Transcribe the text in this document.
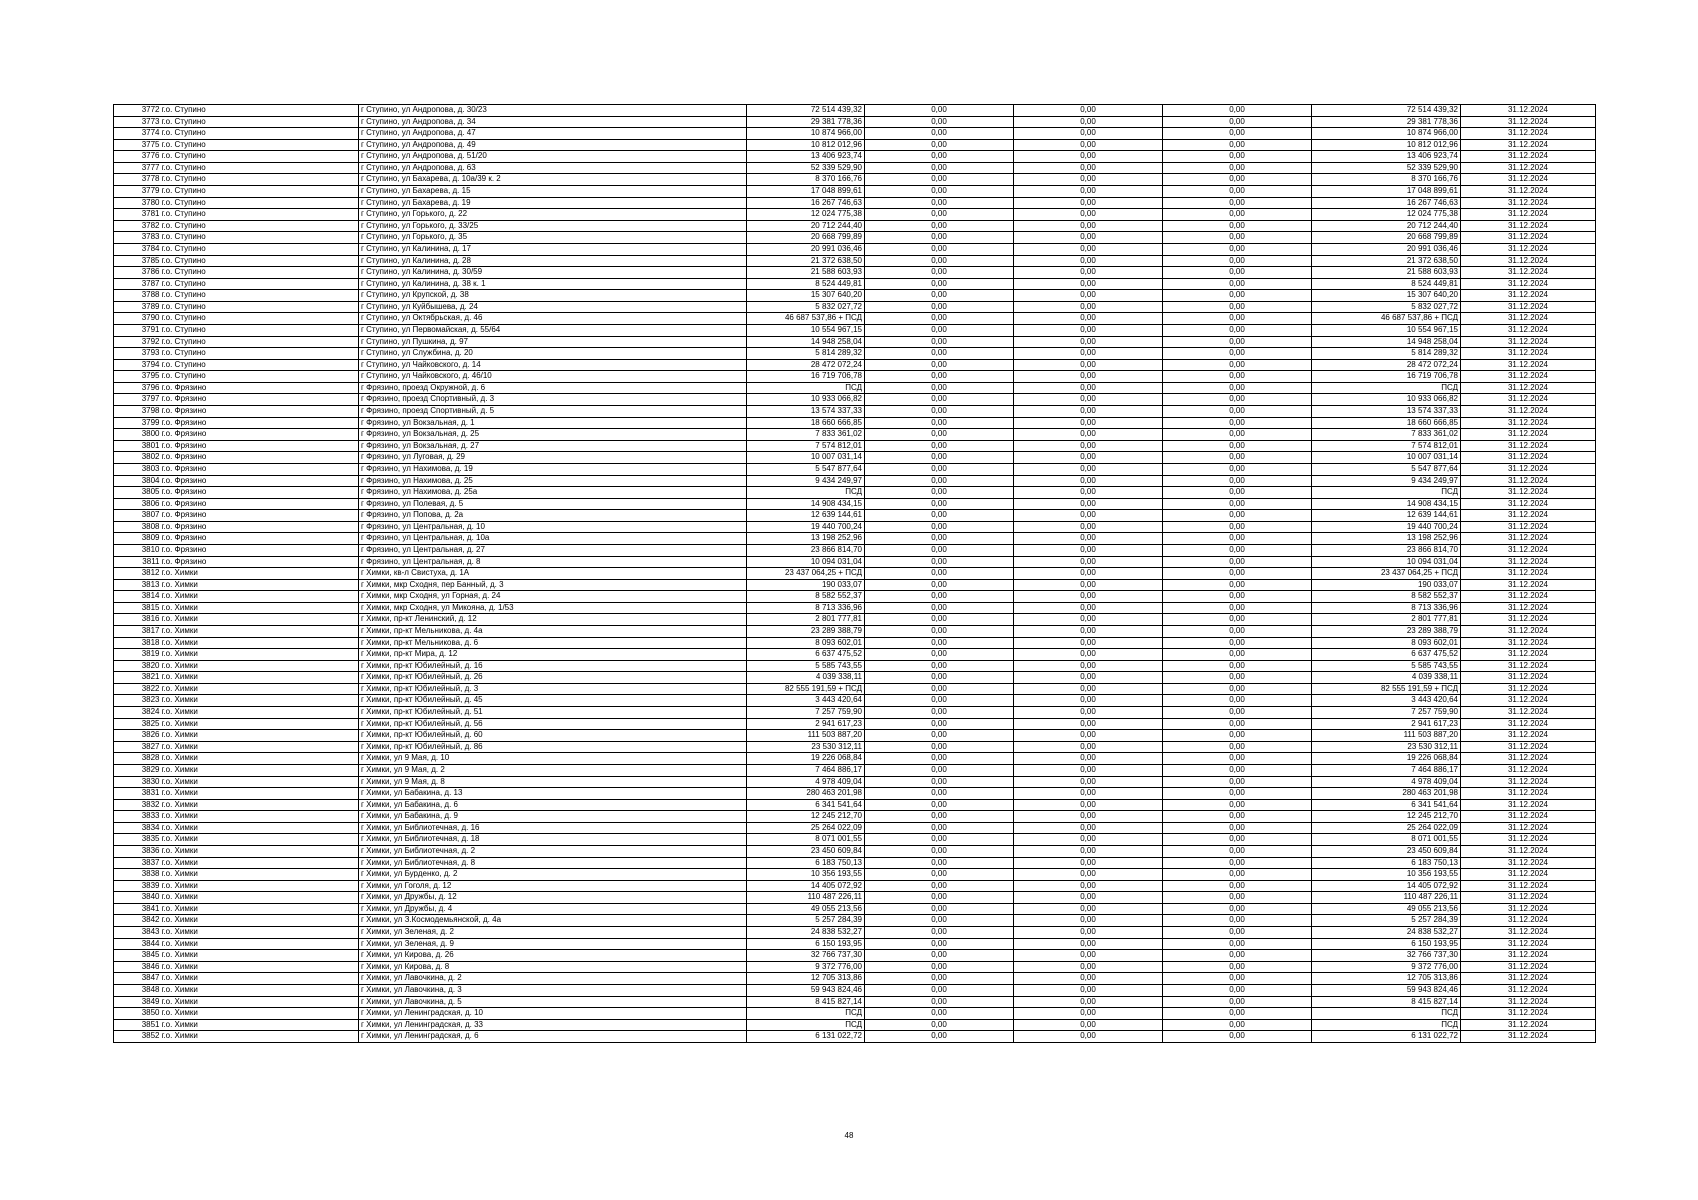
3772	г.о. Ступино	г Ступино, ул Андропова, д. 30/23	72 514 439,32	0,00	0,00	0,00	72 514 439,32	31.12.2024
3773	г.о. Ступино	г Ступино, ул Андропова, д. 34	29 381 778,36	0,00	0,00	0,00	29 381 778,36	31.12.2024
3774	г.о. Ступино	г Ступино, ул Андропова, д. 47	10 874 966,00	0,00	0,00	0,00	10 874 966,00	31.12.2024
3775	г.о. Ступино	г Ступино, ул Андропова, д. 49	10 812 012,96	0,00	0,00	0,00	10 812 012,96	31.12.2024
3776	г.о. Ступино	г Ступино, ул Андропова, д. 51/20	13 406 923,74	0,00	0,00	0,00	13 406 923,74	31.12.2024
3777	г.о. Ступино	г Ступино, ул Андропова, д. 63	52 339 529,90	0,00	0,00	0,00	52 339 529,90	31.12.2024
3778	г.о. Ступино	г Ступино, ул Бахарева, д. 10а/39 к. 2	8 370 166,76	0,00	0,00	0,00	8 370 166,76	31.12.2024
3779	г.о. Ступино	г Ступино, ул Бахарева, д. 15	17 048 899,61	0,00	0,00	0,00	17 048 899,61	31.12.2024
3780	г.о. Ступино	г Ступино, ул Бахарева, д. 19	16 267 746,63	0,00	0,00	0,00	16 267 746,63	31.12.2024
3781	г.о. Ступино	г Ступино, ул Горького, д. 22	12 024 775,38	0,00	0,00	0,00	12 024 775,38	31.12.2024
3782	г.о. Ступино	г Ступино, ул Горького, д. 33/25	20 712 244,40	0,00	0,00	0,00	20 712 244,40	31.12.2024
3783	г.о. Ступино	г Ступино, ул Горького, д. 35	20 668 799,89	0,00	0,00	0,00	20 668 799,89	31.12.2024
3784	г.о. Ступино	г Ступино, ул Калинина, д. 17	20 991 036,46	0,00	0,00	0,00	20 991 036,46	31.12.2024
3785	г.о. Ступино	г Ступино, ул Калинина, д. 28	21 372 638,50	0,00	0,00	0,00	21 372 638,50	31.12.2024
3786	г.о. Ступино	г Ступино, ул Калинина, д. 30/59	21 588 603,93	0,00	0,00	0,00	21 588 603,93	31.12.2024
3787	г.о. Ступино	г Ступино, ул Калинина, д. 38 к. 1	8 524 449,81	0,00	0,00	0,00	8 524 449,81	31.12.2024
3788	г.о. Ступино	г Ступино, ул Крупской, д. 38	15 307 640,20	0,00	0,00	0,00	15 307 640,20	31.12.2024
3789	г.о. Ступино	г Ступино, ул Куйбышева, д. 24	5 832 027,72	0,00	0,00	0,00	5 832 027,72	31.12.2024
3790	г.о. Ступино	г Ступино, ул Октябрьская, д. 46	46 687 537,86 + ПСД	0,00	0,00	0,00	46 687 537,86 + ПСД	31.12.2024
3791	г.о. Ступино	г Ступино, ул Первомайская, д. 55/64	10 554 967,15	0,00	0,00	0,00	10 554 967,15	31.12.2024
3792	г.о. Ступино	г Ступино, ул Пушкина, д. 97	14 948 258,04	0,00	0,00	0,00	14 948 258,04	31.12.2024
3793	г.о. Ступино	г Ступино, ул Службина, д. 20	5 814 289,32	0,00	0,00	0,00	5 814 289,32	31.12.2024
3794	г.о. Ступино	г Ступино, ул Чайковского, д. 14	28 472 072,24	0,00	0,00	0,00	28 472 072,24	31.12.2024
3795	г.о. Ступино	г Ступино, ул Чайковского, д. 46/10	16 719 706,78	0,00	0,00	0,00	16 719 706,78	31.12.2024
3796	г.о. Фрязино	г Фрязино, проезд Окружной, д. 6	ПСД	0,00	0,00	0,00	ПСД	31.12.2024
3797	г.о. Фрязино	г Фрязино, проезд Спортивный, д. 3	10 933 066,82	0,00	0,00	0,00	10 933 066,82	31.12.2024
3798	г.о. Фрязино	г Фрязино, проезд Спортивный, д. 5	13 574 337,33	0,00	0,00	0,00	13 574 337,33	31.12.2024
3799	г.о. Фрязино	г Фрязино, ул Вокзальная, д. 1	18 660 666,85	0,00	0,00	0,00	18 660 666,85	31.12.2024
3800	г.о. Фрязино	г Фрязино, ул Вокзальная, д. 25	7 833 361,02	0,00	0,00	0,00	7 833 361,02	31.12.2024
3801	г.о. Фрязино	г Фрязино, ул Вокзальная, д. 27	7 574 812,01	0,00	0,00	0,00	7 574 812,01	31.12.2024
3802	г.о. Фрязино	г Фрязино, ул Луговая, д. 29	10 007 031,14	0,00	0,00	0,00	10 007 031,14	31.12.2024
3803	г.о. Фрязино	г Фрязино, ул Нахимова, д. 19	5 547 877,64	0,00	0,00	0,00	5 547 877,64	31.12.2024
3804	г.о. Фрязино	г Фрязино, ул Нахимова, д. 25	9 434 249,97	0,00	0,00	0,00	9 434 249,97	31.12.2024
3805	г.о. Фрязино	г Фрязино, ул Нахимова, д. 25а	ПСД	0,00	0,00	0,00	ПСД	31.12.2024
3806	г.о. Фрязино	г Фрязино, ул Полевая, д. 5	14 908 434,15	0,00	0,00	0,00	14 908 434,15	31.12.2024
3807	г.о. Фрязино	г Фрязино, ул Попова, д. 2а	12 639 144,61	0,00	0,00	0,00	12 639 144,61	31.12.2024
3808	г.о. Фрязино	г Фрязино, ул Центральная, д. 10	19 440 700,24	0,00	0,00	0,00	19 440 700,24	31.12.2024
3809	г.о. Фрязино	г Фрязино, ул Центральная, д. 10а	13 198 252,96	0,00	0,00	0,00	13 198 252,96	31.12.2024
3810	г.о. Фрязино	г Фрязино, ул Центральная, д. 27	23 866 814,70	0,00	0,00	0,00	23 866 814,70	31.12.2024
3811	г.о. Фрязино	г Фрязино, ул Центральная, д. 8	10 094 031,04	0,00	0,00	0,00	10 094 031,04	31.12.2024
3812	г.о. Химки	г Химки, кв-л Свистуха, д. 1А	23 437 064,25 + ПСД	0,00	0,00	0,00	23 437 064,25 + ПСД	31.12.2024
3813	г.о. Химки	г Химки, мкр Сходня, пер Банный, д. 3	190 033,07	0,00	0,00	0,00	190 033,07	31.12.2024
3814	г.о. Химки	г Химки, мкр Сходня, ул Горная, д. 24	8 582 552,37	0,00	0,00	0,00	8 582 552,37	31.12.2024
3815	г.о. Химки	г Химки, мкр Сходня, ул Микояна, д. 1/53	8 713 336,96	0,00	0,00	0,00	8 713 336,96	31.12.2024
3816	г.о. Химки	г Химки, пр-кт Ленинский, д. 12	2 801 777,81	0,00	0,00	0,00	2 801 777,81	31.12.2024
3817	г.о. Химки	г Химки, пр-кт Мельникова, д. 4а	23 289 388,79	0,00	0,00	0,00	23 289 388,79	31.12.2024
3818	г.о. Химки	г Химки, пр-кт Мельникова, д. 6	8 093 602,01	0,00	0,00	0,00	8 093 602,01	31.12.2024
3819	г.о. Химки	г Химки, пр-кт Мира, д. 12	6 637 475,52	0,00	0,00	0,00	6 637 475,52	31.12.2024
3820	г.о. Химки	г Химки, пр-кт Юбилейный, д. 16	5 585 743,55	0,00	0,00	0,00	5 585 743,55	31.12.2024
3821	г.о. Химки	г Химки, пр-кт Юбилейный, д. 26	4 039 338,11	0,00	0,00	0,00	4 039 338,11	31.12.2024
3822	г.о. Химки	г Химки, пр-кт Юбилейный, д. 3	82 555 191,59 + ПСД	0,00	0,00	0,00	82 555 191,59 + ПСД	31.12.2024
3823	г.о. Химки	г Химки, пр-кт Юбилейный, д. 45	3 443 420,64	0,00	0,00	0,00	3 443 420,64	31.12.2024
3824	г.о. Химки	г Химки, пр-кт Юбилейный, д. 51	7 257 759,90	0,00	0,00	0,00	7 257 759,90	31.12.2024
3825	г.о. Химки	г Химки, пр-кт Юбилейный, д. 56	2 941 617,23	0,00	0,00	0,00	2 941 617,23	31.12.2024
3826	г.о. Химки	г Химки, пр-кт Юбилейный, д. 60	111 503 887,20	0,00	0,00	0,00	111 503 887,20	31.12.2024
3827	г.о. Химки	г Химки, пр-кт Юбилейный, д. 86	23 530 312,11	0,00	0,00	0,00	23 530 312,11	31.12.2024
3828	г.о. Химки	г Химки, ул 9 Мая, д. 10	19 226 068,84	0,00	0,00	0,00	19 226 068,84	31.12.2024
3829	г.о. Химки	г Химки, ул 9 Мая, д. 2	7 464 886,17	0,00	0,00	0,00	7 464 886,17	31.12.2024
3830	г.о. Химки	г Химки, ул 9 Мая, д. 8	4 978 409,04	0,00	0,00	0,00	4 978 409,04	31.12.2024
3831	г.о. Химки	г Химки, ул Бабакина, д. 13	280 463 201,98	0,00	0,00	0,00	280 463 201,98	31.12.2024
3832	г.о. Химки	г Химки, ул Бабакина, д. 6	6 341 541,64	0,00	0,00	0,00	6 341 541,64	31.12.2024
3833	г.о. Химки	г Химки, ул Бабакина, д. 9	12 245 212,70	0,00	0,00	0,00	12 245 212,70	31.12.2024
3834	г.о. Химки	г Химки, ул Библиотечная, д. 16	25 264 022,09	0,00	0,00	0,00	25 264 022,09	31.12.2024
3835	г.о. Химки	г Химки, ул Библиотечная, д. 18	8 071 001,55	0,00	0,00	0,00	8 071 001,55	31.12.2024
3836	г.о. Химки	г Химки, ул Библиотечная, д. 2	23 450 609,84	0,00	0,00	0,00	23 450 609,84	31.12.2024
3837	г.о. Химки	г Химки, ул Библиотечная, д. 8	6 183 750,13	0,00	0,00	0,00	6 183 750,13	31.12.2024
3838	г.о. Химки	г Химки, ул Бурденко, д. 2	10 356 193,55	0,00	0,00	0,00	10 356 193,55	31.12.2024
3839	г.о. Химки	г Химки, ул Гоголя, д. 12	14 405 072,92	0,00	0,00	0,00	14 405 072,92	31.12.2024
3840	г.о. Химки	г Химки, ул Дружбы, д. 12	110 487 226,11	0,00	0,00	0,00	110 487 226,11	31.12.2024
3841	г.о. Химки	г Химки, ул Дружбы, д. 4	49 055 213,56	0,00	0,00	0,00	49 055 213,56	31.12.2024
3842	г.о. Химки	г Химки, ул З.Космодемьянской, д. 4а	5 257 284,39	0,00	0,00	0,00	5 257 284,39	31.12.2024
3843	г.о. Химки	г Химки, ул Зеленая, д. 2	24 838 532,27	0,00	0,00	0,00	24 838 532,27	31.12.2024
3844	г.о. Химки	г Химки, ул Зеленая, д. 9	6 150 193,95	0,00	0,00	0,00	6 150 193,95	31.12.2024
3845	г.о. Химки	г Химки, ул Кирова, д. 26	32 766 737,30	0,00	0,00	0,00	32 766 737,30	31.12.2024
3846	г.о. Химки	г Химки, ул Кирова, д. 8	9 372 776,00	0,00	0,00	0,00	9 372 776,00	31.12.2024
3847	г.о. Химки	г Химки, ул Лавочкина, д. 2	12 705 313,86	0,00	0,00	0,00	12 705 313,86	31.12.2024
3848	г.о. Химки	г Химки, ул Лавочкина, д. 3	59 943 824,46	0,00	0,00	0,00	59 943 824,46	31.12.2024
3849	г.о. Химки	г Химки, ул Лавочкина, д. 5	8 415 827,14	0,00	0,00	0,00	8 415 827,14	31.12.2024
3850	г.о. Химки	г Химки, ул Ленинградская, д. 10	ПСД	0,00	0,00	0,00	ПСД	31.12.2024
3851	г.о. Химки	г Химки, ул Ленинградская, д. 33	ПСД	0,00	0,00	0,00	ПСД	31.12.2024
3852	г.о. Химки	г Химки, ул Ленинградская, д. 6	6 131 022,72	0,00	0,00	0,00	6 131 022,72	31.12.2024
48
